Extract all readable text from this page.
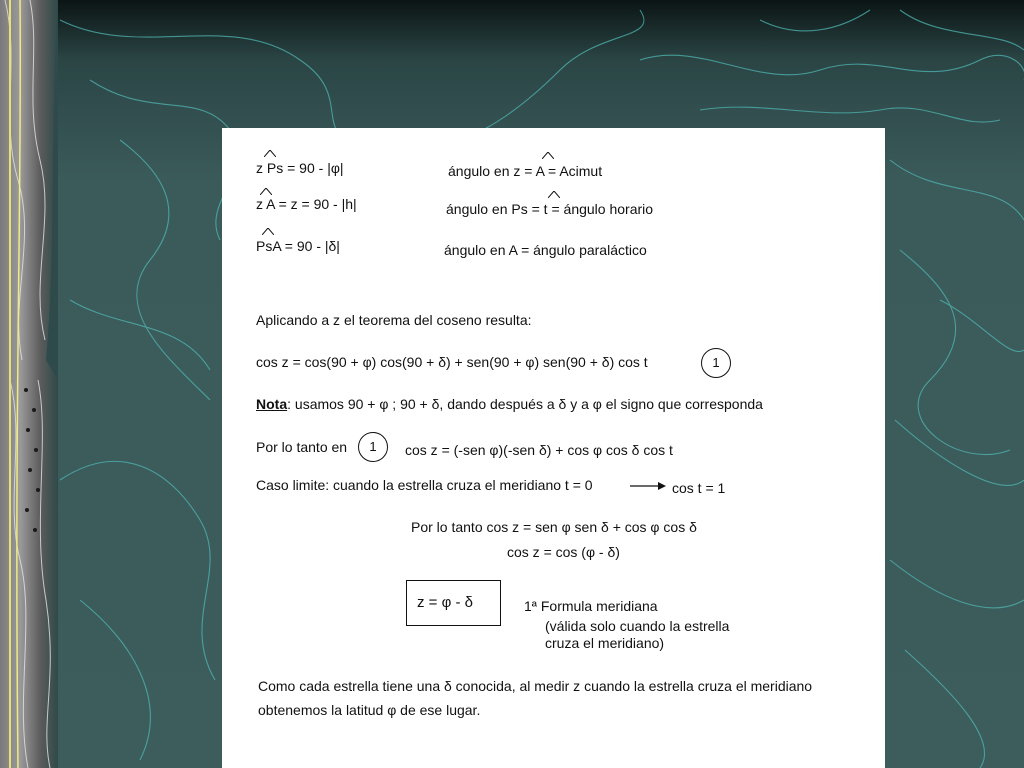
z Ps = 90 - |φ|	ángulo en z = A = Acimut
z A = z = 90 - |h|	ángulo en Ps = t = ángulo horario
PsA = 90 - |δ|	ángulo en A = ángulo paraláctico
Aplicando a z el teorema del coseno resulta:
cos z = cos(90 + φ) cos(90 + δ) + sen(90 + φ) sen(90 + δ) cos t	1
Nota: usamos 90 + φ ; 90 + δ, dando después a δ y a φ el signo que corresponda
Por lo tanto en	1	cos z = (-sen φ)(-sen δ) + cos φ cos δ cos t
Caso limite: cuando la estrella cruza el meridiano t = 0	cos t = 1
Por lo tanto cos z = sen φ sen δ + cos φ cos δ
cos z = cos (φ - δ)
z = φ - δ	1ª Formula meridiana
(válida solo cuando la estrella
cruza el meridiano)
Como cada estrella tiene una δ conocida, al medir z cuando la estrella cruza el meridiano
obtenemos la latitud φ de ese lugar.
